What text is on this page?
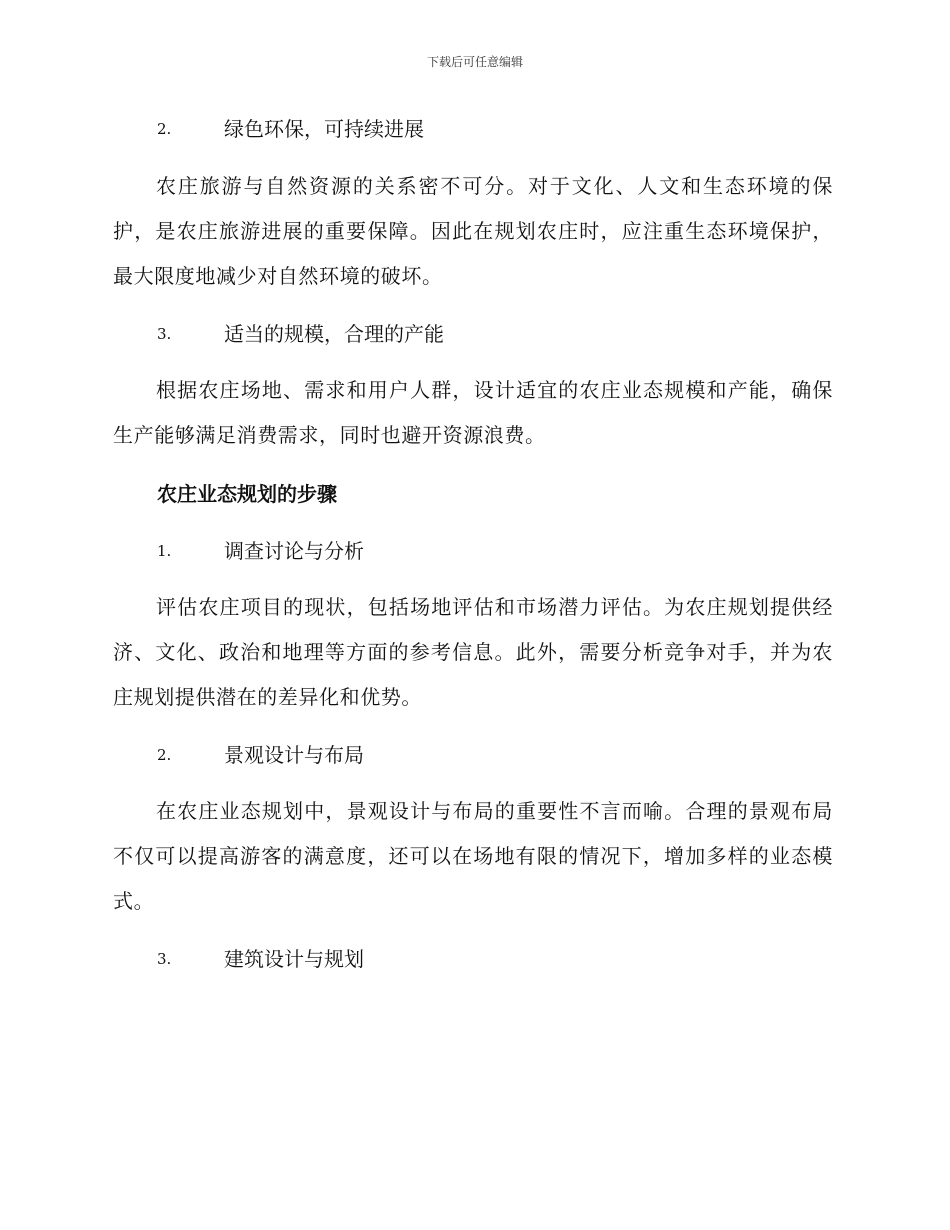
下载后可任意编辑
2.	绿色环保，可持续进展
农庄旅游与自然资源的关系密不可分。对于文化、人文和生态环境的保护，是农庄旅游进展的重要保障。因此在规划农庄时，应注重生态环境保护，最大限度地减少对自然环境的破坏。
3.	适当的规模，合理的产能
根据农庄场地、需求和用户人群，设计适宜的农庄业态规模和产能，确保生产能够满足消费需求，同时也避开资源浪费。
农庄业态规划的步骤
1.	调查讨论与分析
评估农庄项目的现状，包括场地评估和市场潜力评估。为农庄规划提供经济、文化、政治和地理等方面的参考信息。此外，需要分析竞争对手，并为农庄规划提供潜在的差异化和优势。
2.	景观设计与布局
在农庄业态规划中，景观设计与布局的重要性不言而喻。合理的景观布局不仅可以提高游客的满意度，还可以在场地有限的情况下，增加多样的业态模式。
3.	建筑设计与规划
